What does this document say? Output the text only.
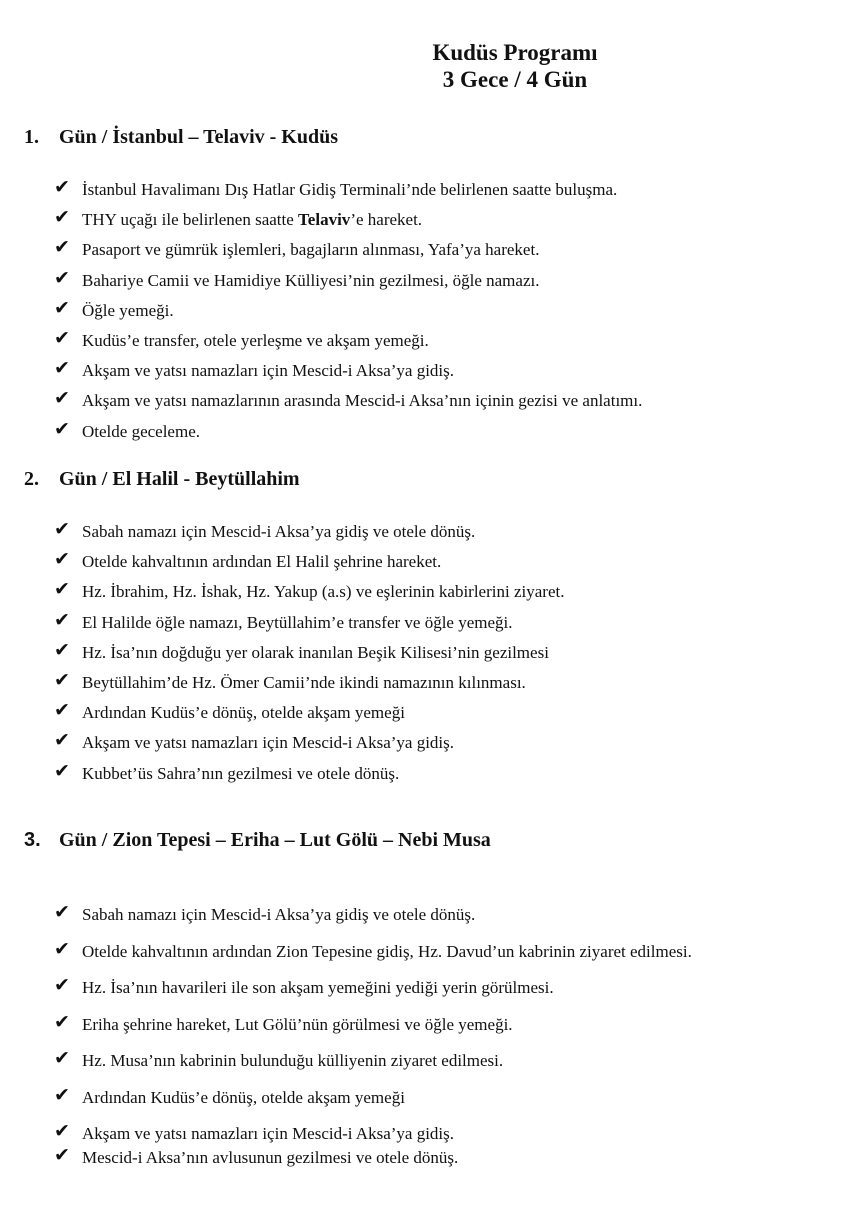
Kudüs Programı
3 Gece / 4 Gün
1. Gün / İstanbul – Telaviv - Kudüs
✔ İstanbul Havalimanı Dış Hatlar Gidiş Terminali’nde belirlenen saatte buluşma.
✔ THY uçağı ile belirlenen saatte Telaviv’e hareket.
✔ Pasaport ve gümrük işlemleri, bagajların alınması, Yafa’ya hareket.
✔ Bahariye Camii ve Hamidiye Külliyesi’nin gezilmesi, öğle namazı.
✔ Öğle yemeği.
✔ Kudüs’e transfer, otele yerleşme ve akşam yemeği.
✔ Akşam ve yatsı namazları için Mescid-i Aksa’ya gidiş.
✔ Akşam ve yatsı namazlarının arasında Mescid-i Aksa’nın içinin gezisi ve anlatımı.
✔ Otelde geceleme.
2. Gün / El Halil - Beytüllahim
✔ Sabah namazı için Mescid-i Aksa’ya gidiş ve otele dönüş.
✔ Otelde kahvaltının ardından El Halil şehrine hareket.
✔ Hz. İbrahim, Hz. İshak, Hz. Yakup (a.s) ve eşlerinin kabirlerini ziyaret.
✔ El Halilde öğle namazı, Beytüllahim’e transfer ve öğle yemeği.
✔ Hz. İsa’nın doğduğu yer olarak inanılan Beşik Kilisesi’nin gezilmesi
✔ Beytüllahim’de Hz. Ömer Camii’nde ikindi namazının kılınması.
✔ Ardından Kudüs’e dönüş, otelde akşam yemeği
✔ Akşam ve yatsı namazları için Mescid-i Aksa’ya gidiş.
✔ Kubbet’üs Sahra’nın gezilmesi ve otele dönüş.
3. Gün / Zion Tepesi – Eriha – Lut Gölü – Nebi Musa
✔ Sabah namazı için Mescid-i Aksa’ya gidiş ve otele dönüş.
✔ Otelde kahvaltının ardından Zion Tepesine gidiş, Hz. Davud’un kabrinin ziyaret edilmesi.
✔ Hz. İsa’nın havarileri ile son akşam yemeğini yediği yerin görülmesi.
✔ Eriha şehrine hareket, Lut Gölü’nün görülmesi ve öğle yemeği.
✔ Hz. Musa’nın kabrinin bulunduğu külliyenin ziyaret edilmesi.
✔ Ardından Kudüs’e dönüş, otelde akşam yemeği
✔ Akşam ve yatsı namazları için Mescid-i Aksa’ya gidiş.
✔ Mescid-i Aksa’nın avlusunun gezilmesi ve otele dönüş.
